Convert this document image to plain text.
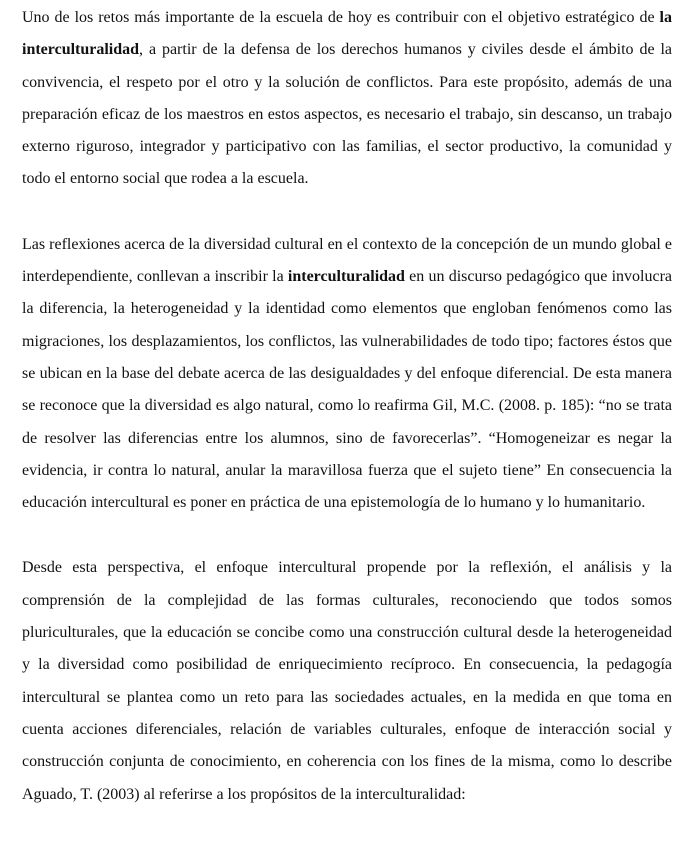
Uno de los retos más importante de la escuela de hoy es contribuir con el objetivo estratégico de la interculturalidad, a partir de la defensa de los derechos humanos y civiles desde el ámbito de la convivencia, el respeto por el otro y la solución de conflictos. Para este propósito, además de una preparación eficaz de los maestros en estos aspectos, es necesario el trabajo, sin descanso, un trabajo externo riguroso, integrador y participativo con las familias, el sector productivo, la comunidad y todo el entorno social que rodea a la escuela.

Las reflexiones acerca de la diversidad cultural en el contexto de la concepción de un mundo global e interdependiente, conllevan a inscribir la interculturalidad en un discurso pedagógico que involucra la diferencia, la heterogeneidad y la identidad como elementos que engloban fenómenos como las migraciones, los desplazamientos, los conflictos, las vulnerabilidades de todo tipo; factores éstos que se ubican en la base del debate acerca de las desigualdades y del enfoque diferencial. De esta manera se reconoce que la diversidad es algo natural, como lo reafirma Gil, M.C. (2008. p. 185): “no se trata de resolver las diferencias entre los alumnos, sino de favorecerlas”. “Homogeneizar es negar la evidencia, ir contra lo natural, anular la maravillosa fuerza que el sujeto tiene” En consecuencia la educación intercultural es poner en práctica de una epistemología de lo humano y lo humanitario.

Desde esta perspectiva, el enfoque intercultural propende por la reflexión, el análisis y la comprensión de la complejidad de las formas culturales, reconociendo que todos somos pluriculturales, que la educación se concibe como una construcción cultural desde la heterogeneidad y la diversidad como posibilidad de enriquecimiento recíproco. En consecuencia, la pedagogía intercultural se plantea como un reto para las sociedades actuales, en la medida en que toma en cuenta acciones diferenciales, relación de variables culturales, enfoque de interacción social y construcción conjunta de conocimiento, en coherencia con los fines de la misma, como lo describe Aguado, T. (2003) al referirse a los propósitos de la interculturalidad:
